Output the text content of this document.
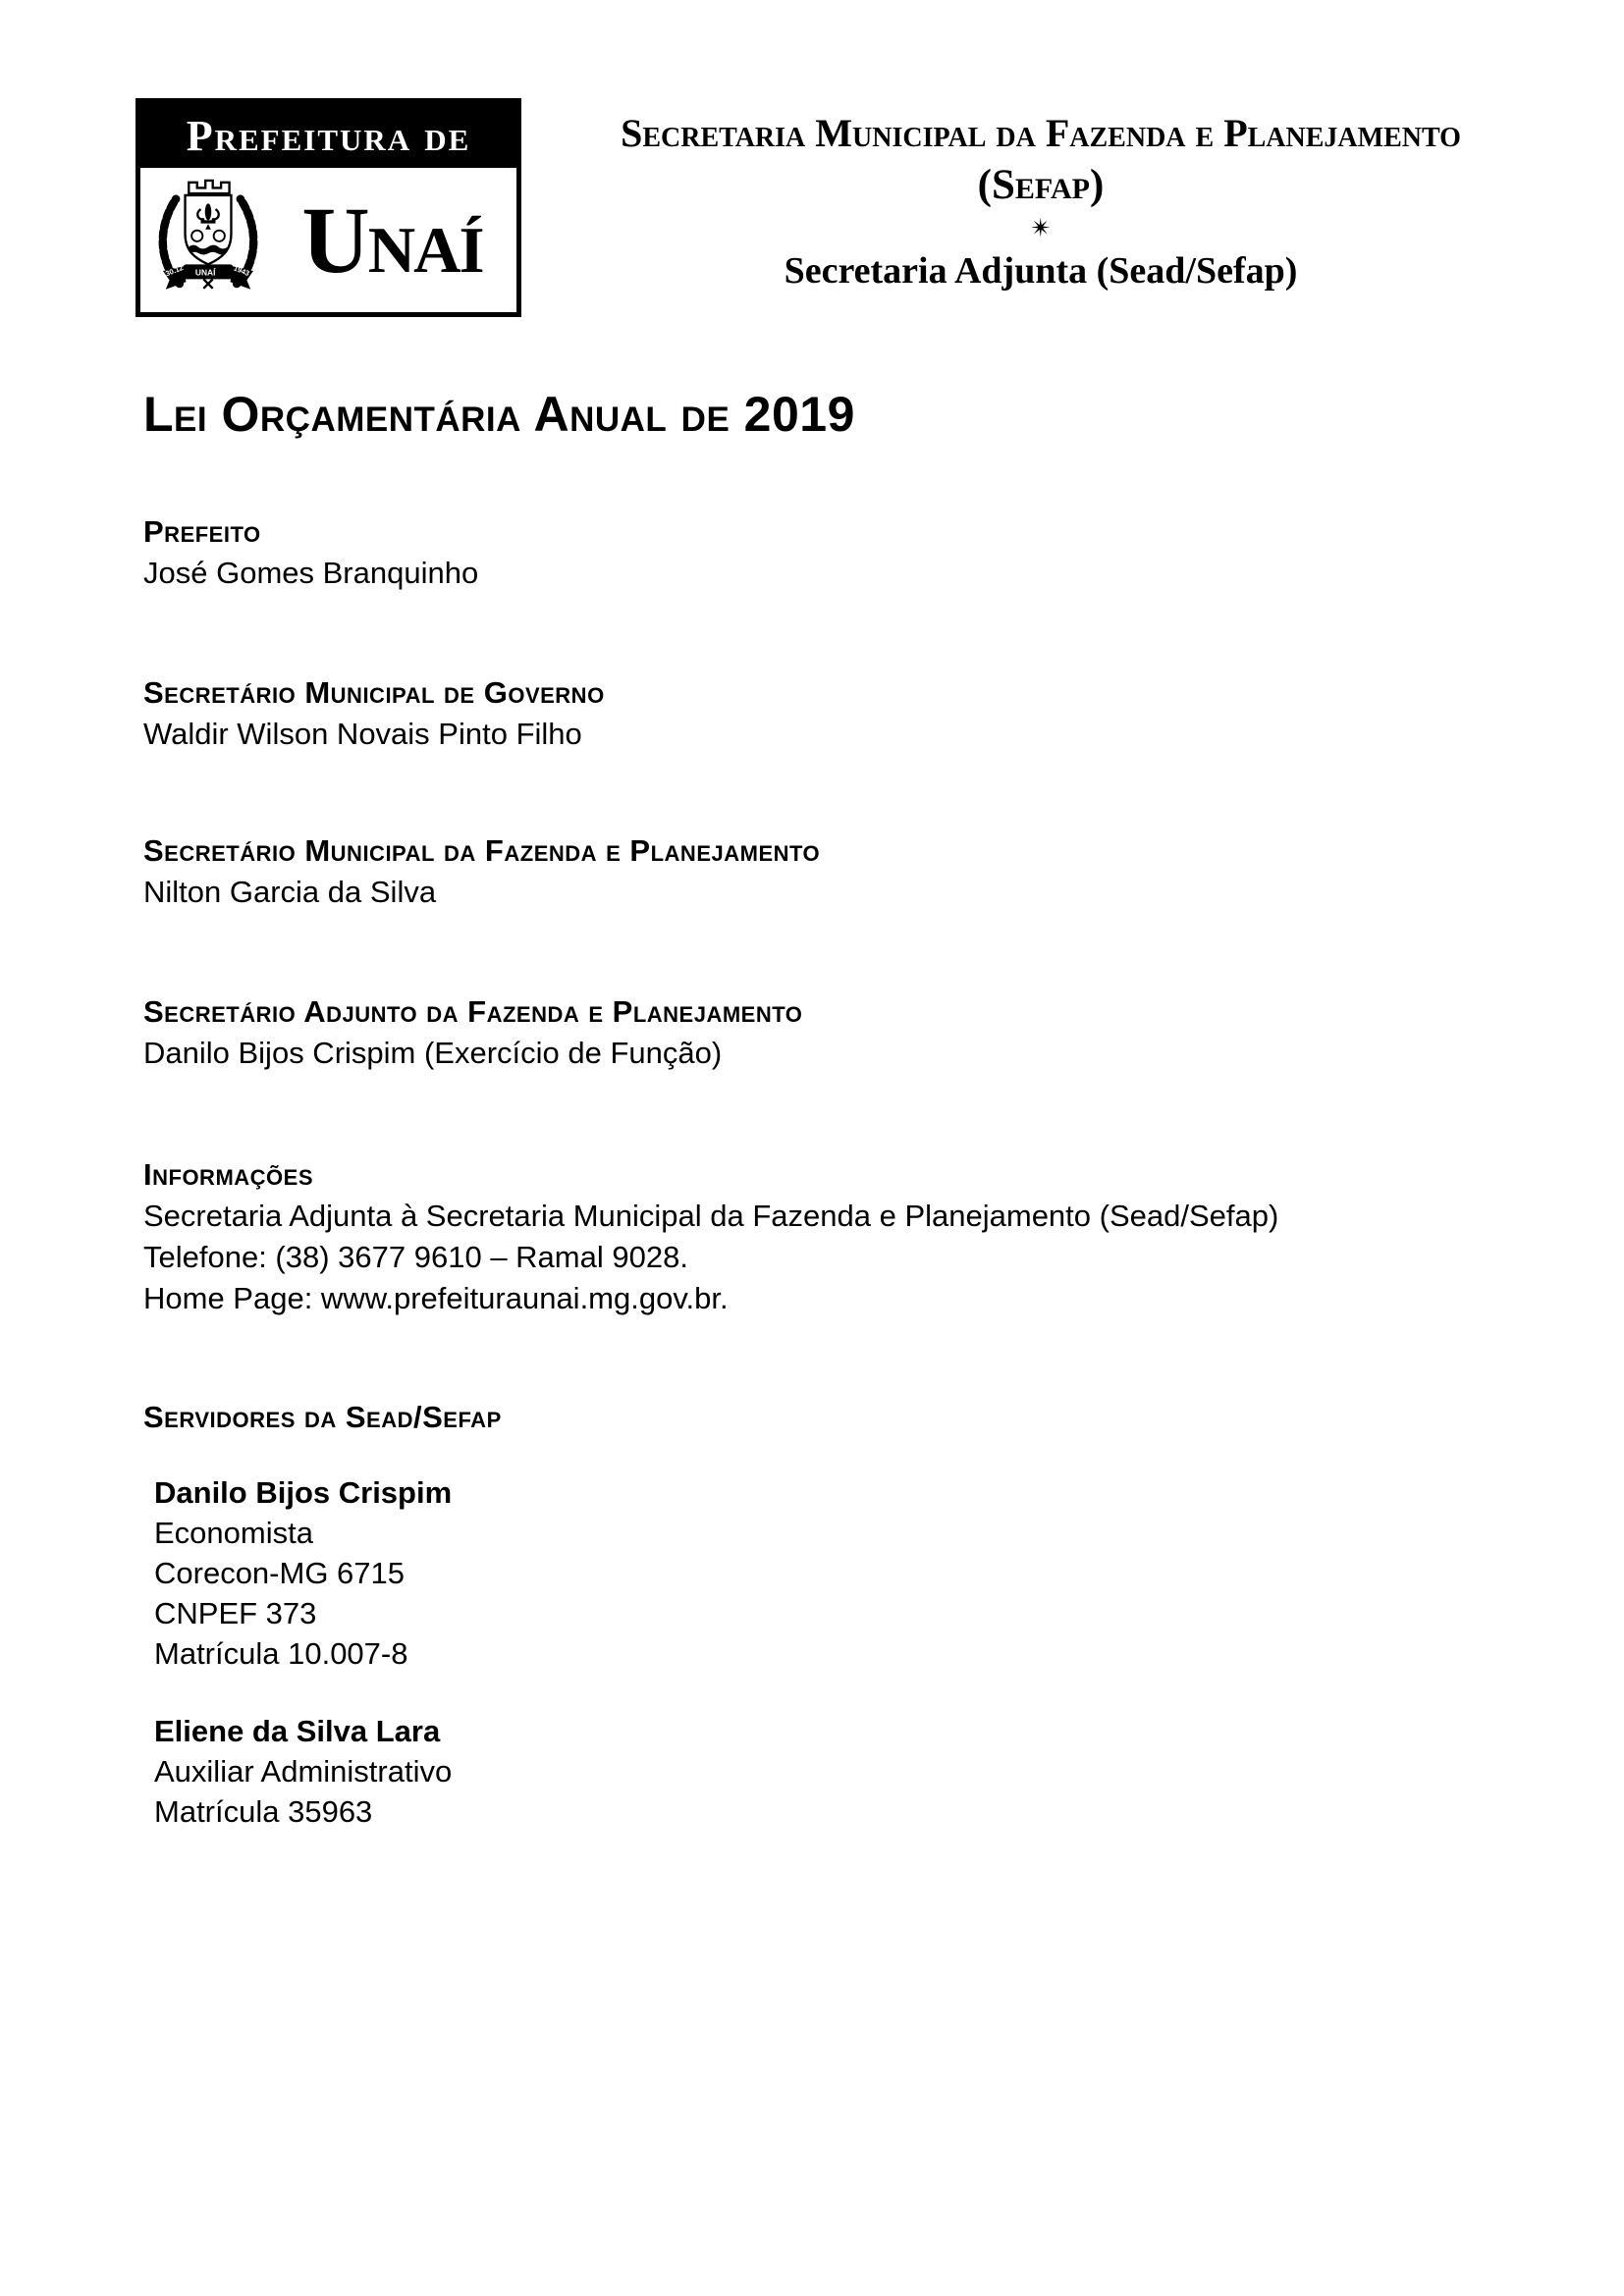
Prefeitura de
30.12 UNAÍ 1943 Unaí
Secretaria Municipal da Fazenda e Planejamento
(Sefap)
✴
Secretaria Adjunta (Sead/Sefap)
Lei Orçamentária Anual de 2019
Prefeito
José Gomes Branquinho
Secretário Municipal de Governo
Waldir Wilson Novais Pinto Filho
Secretário Municipal da Fazenda e Planejamento
Nilton Garcia da Silva
Secretário Adjunto da Fazenda e Planejamento
Danilo Bijos Crispim (Exercício de Função)
Informações
Secretaria Adjunta à Secretaria Municipal da Fazenda e Planejamento (Sead/Sefap)
Telefone: (38) 3677 9610 – Ramal 9028.
Home Page: www.prefeituraunai.mg.gov.br.
Servidores da Sead/Sefap
Danilo Bijos Crispim
Economista
Corecon-MG 6715
CNPEF 373
Matrícula 10.007-8
Eliene da Silva Lara
Auxiliar Administrativo
Matrícula 35963
